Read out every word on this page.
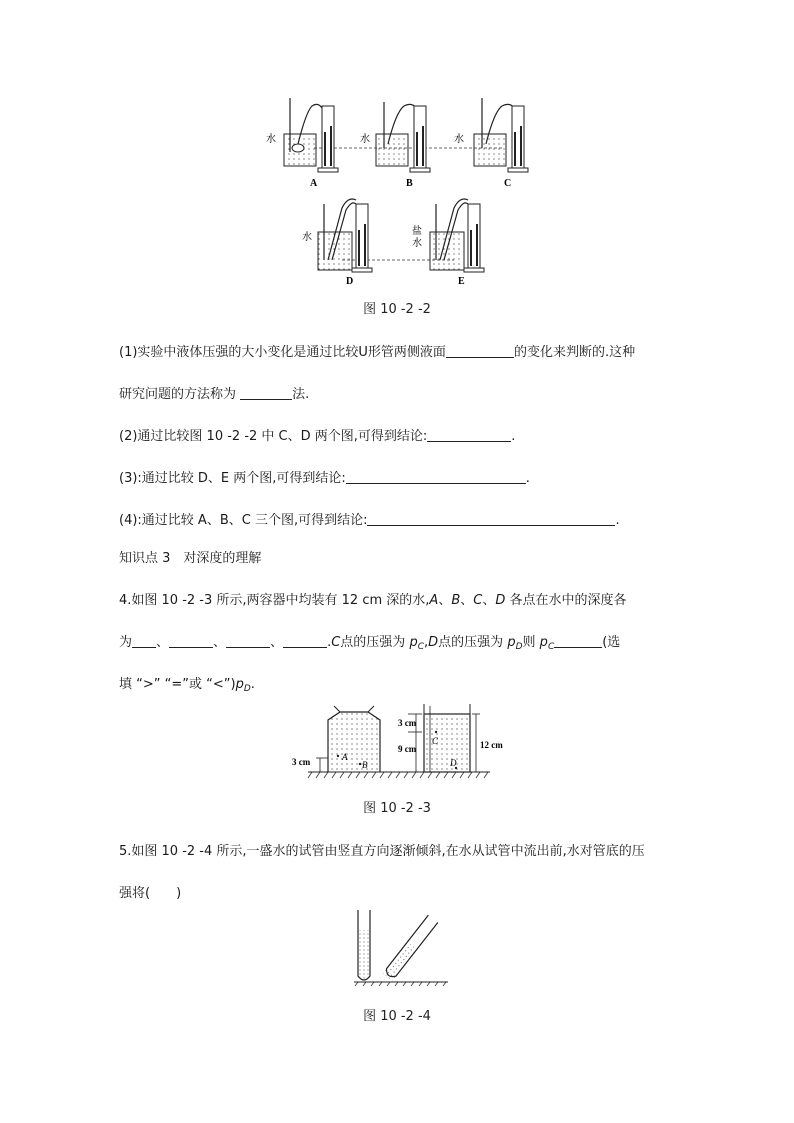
A	B	C
水	水	水
D	E
水
盐
水
图 10 -2 -2
(1)实验中液体压强的大小变化是通过比较U形管两侧液面	的变化来判断的.这种
研究问题的方法称为	法.
(2)通过比较图 10 -2 -2 中 C、D 两个图,可得到结论:	.
(3):通过比较 D、E 两个图,可得到结论:	.
(4):通过比较 A、B、C 三个图,可得到结论:	.
知识点 3　对深度的理解
4.如图 10 -2 -3 所示,两容器中均装有 12 cm 深的水,A、B、C、D 各点在水中的深度各
为 、	、	、	.C点的压强为 $p_C,D$点的压强为 $p_D$则 $p_C$	(选
填 “>” “=”或 “$<”)p_D$.
3 cm
9 cm	12 cm
3 cm	A
B
C
D
图 10 -2 -3
5.如图 10 -2 -4 所示,一盛水的试管由竖直方向逐渐倾斜,在水从试管中流出前,水对管底的压
强将(　　)
图 10 -2 -4
